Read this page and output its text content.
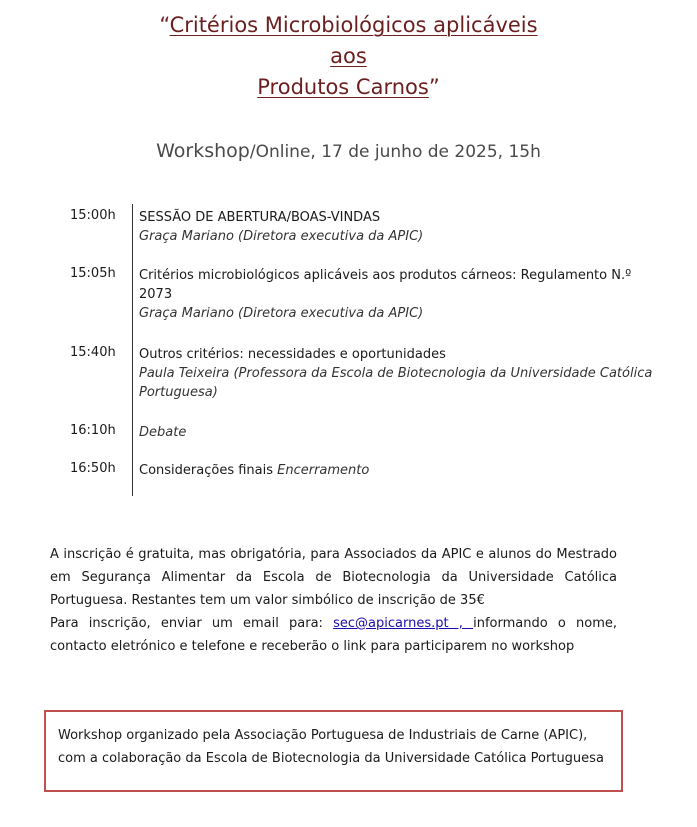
“Critérios Microbiológicos aplicáveis
aos
Produtos Carnos”
Workshop/Online, 17 de junho de 2025, 15h
15:00h SESSÃO DE ABERTURA/BOAS-VINDAS
Graça Mariano (Diretora executiva da APIC)
15:05h Critérios microbiológicos aplicáveis aos produtos cárneos: Regulamento N.º 2073
Graça Mariano (Diretora executiva da APIC)
15:40h Outros critérios: necessidades e oportunidades
Paula Teixeira (Professora da Escola de Biotecnologia da Universidade Católica Portuguesa)
16:10h Debate
16:50h Considerações finais Encerramento
A inscrição é gratuita, mas obrigatória, para Associados da APIC e alunos do Mestrado em Segurança Alimentar da Escola de Biotecnologia da Universidade Católica Portuguesa. Restantes tem um valor simbólico de inscrição de 35€
Para inscrição, enviar um email para: sec@apicarnes.pt , informando o nome, contacto eletrónico e telefone e receberão o link para participarem no workshop
Workshop organizado pela Associação Portuguesa de Industriais de Carne (APIC), com a colaboração da Escola de Biotecnologia da Universidade Católica Portuguesa
